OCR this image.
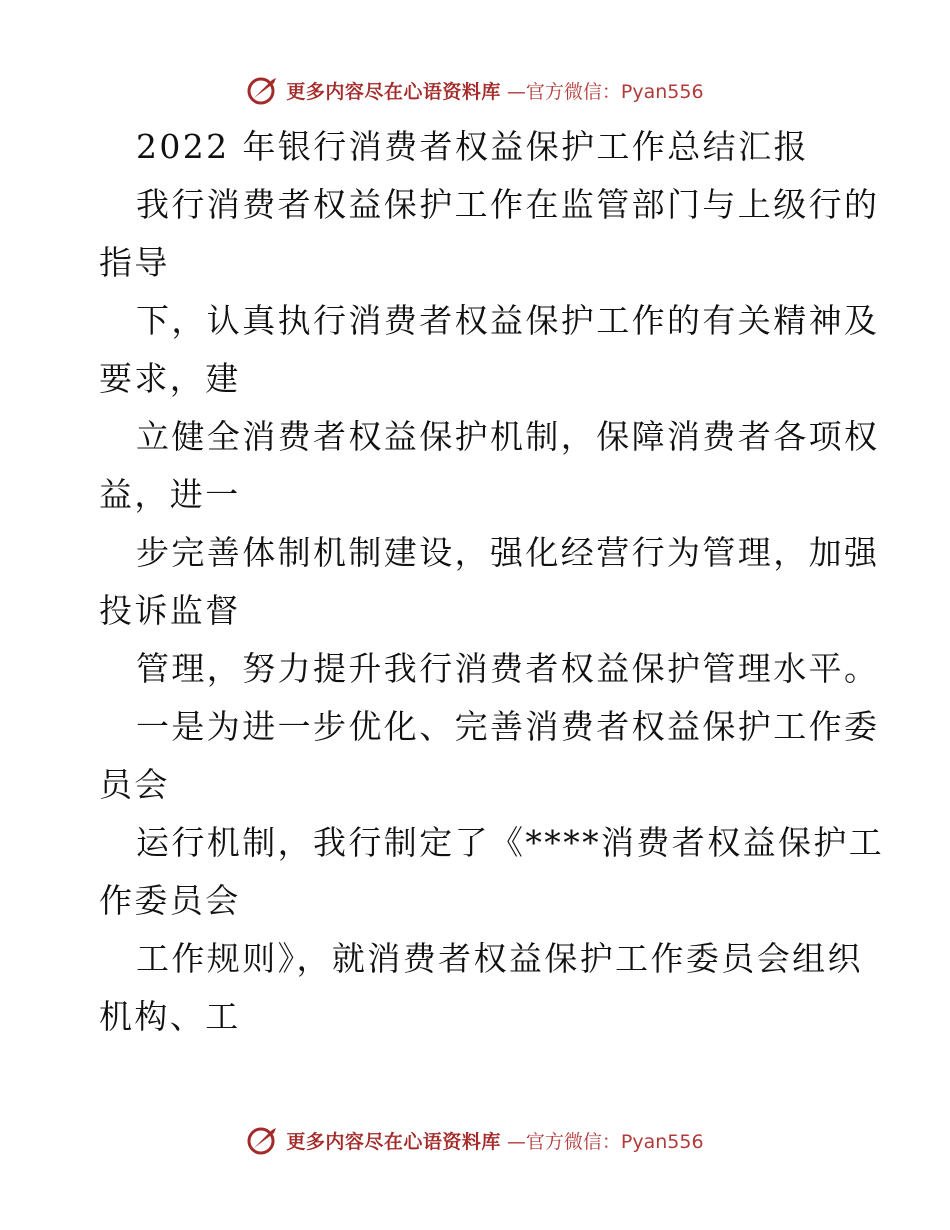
更多内容尽在心语资料库 —官方微信：Pyan556
2022 年银行消费者权益保护工作总结汇报
我行消费者权益保护工作在监管部门与上级行的
指导
下，认真执行消费者权益保护工作的有关精神及
要求，建
立健全消费者权益保护机制，保障消费者各项权
益，进一
步完善体制机制建设，强化经营行为管理，加强
投诉监督
管理，努力提升我行消费者权益保护管理水平。
一是为进一步优化、完善消费者权益保护工作委
员会
运行机制，我行制定了《****消费者权益保护工
作委员会
工作规则》，就消费者权益保护工作委员会组织
机构、工
更多内容尽在心语资料库 —官方微信：Pyan556
